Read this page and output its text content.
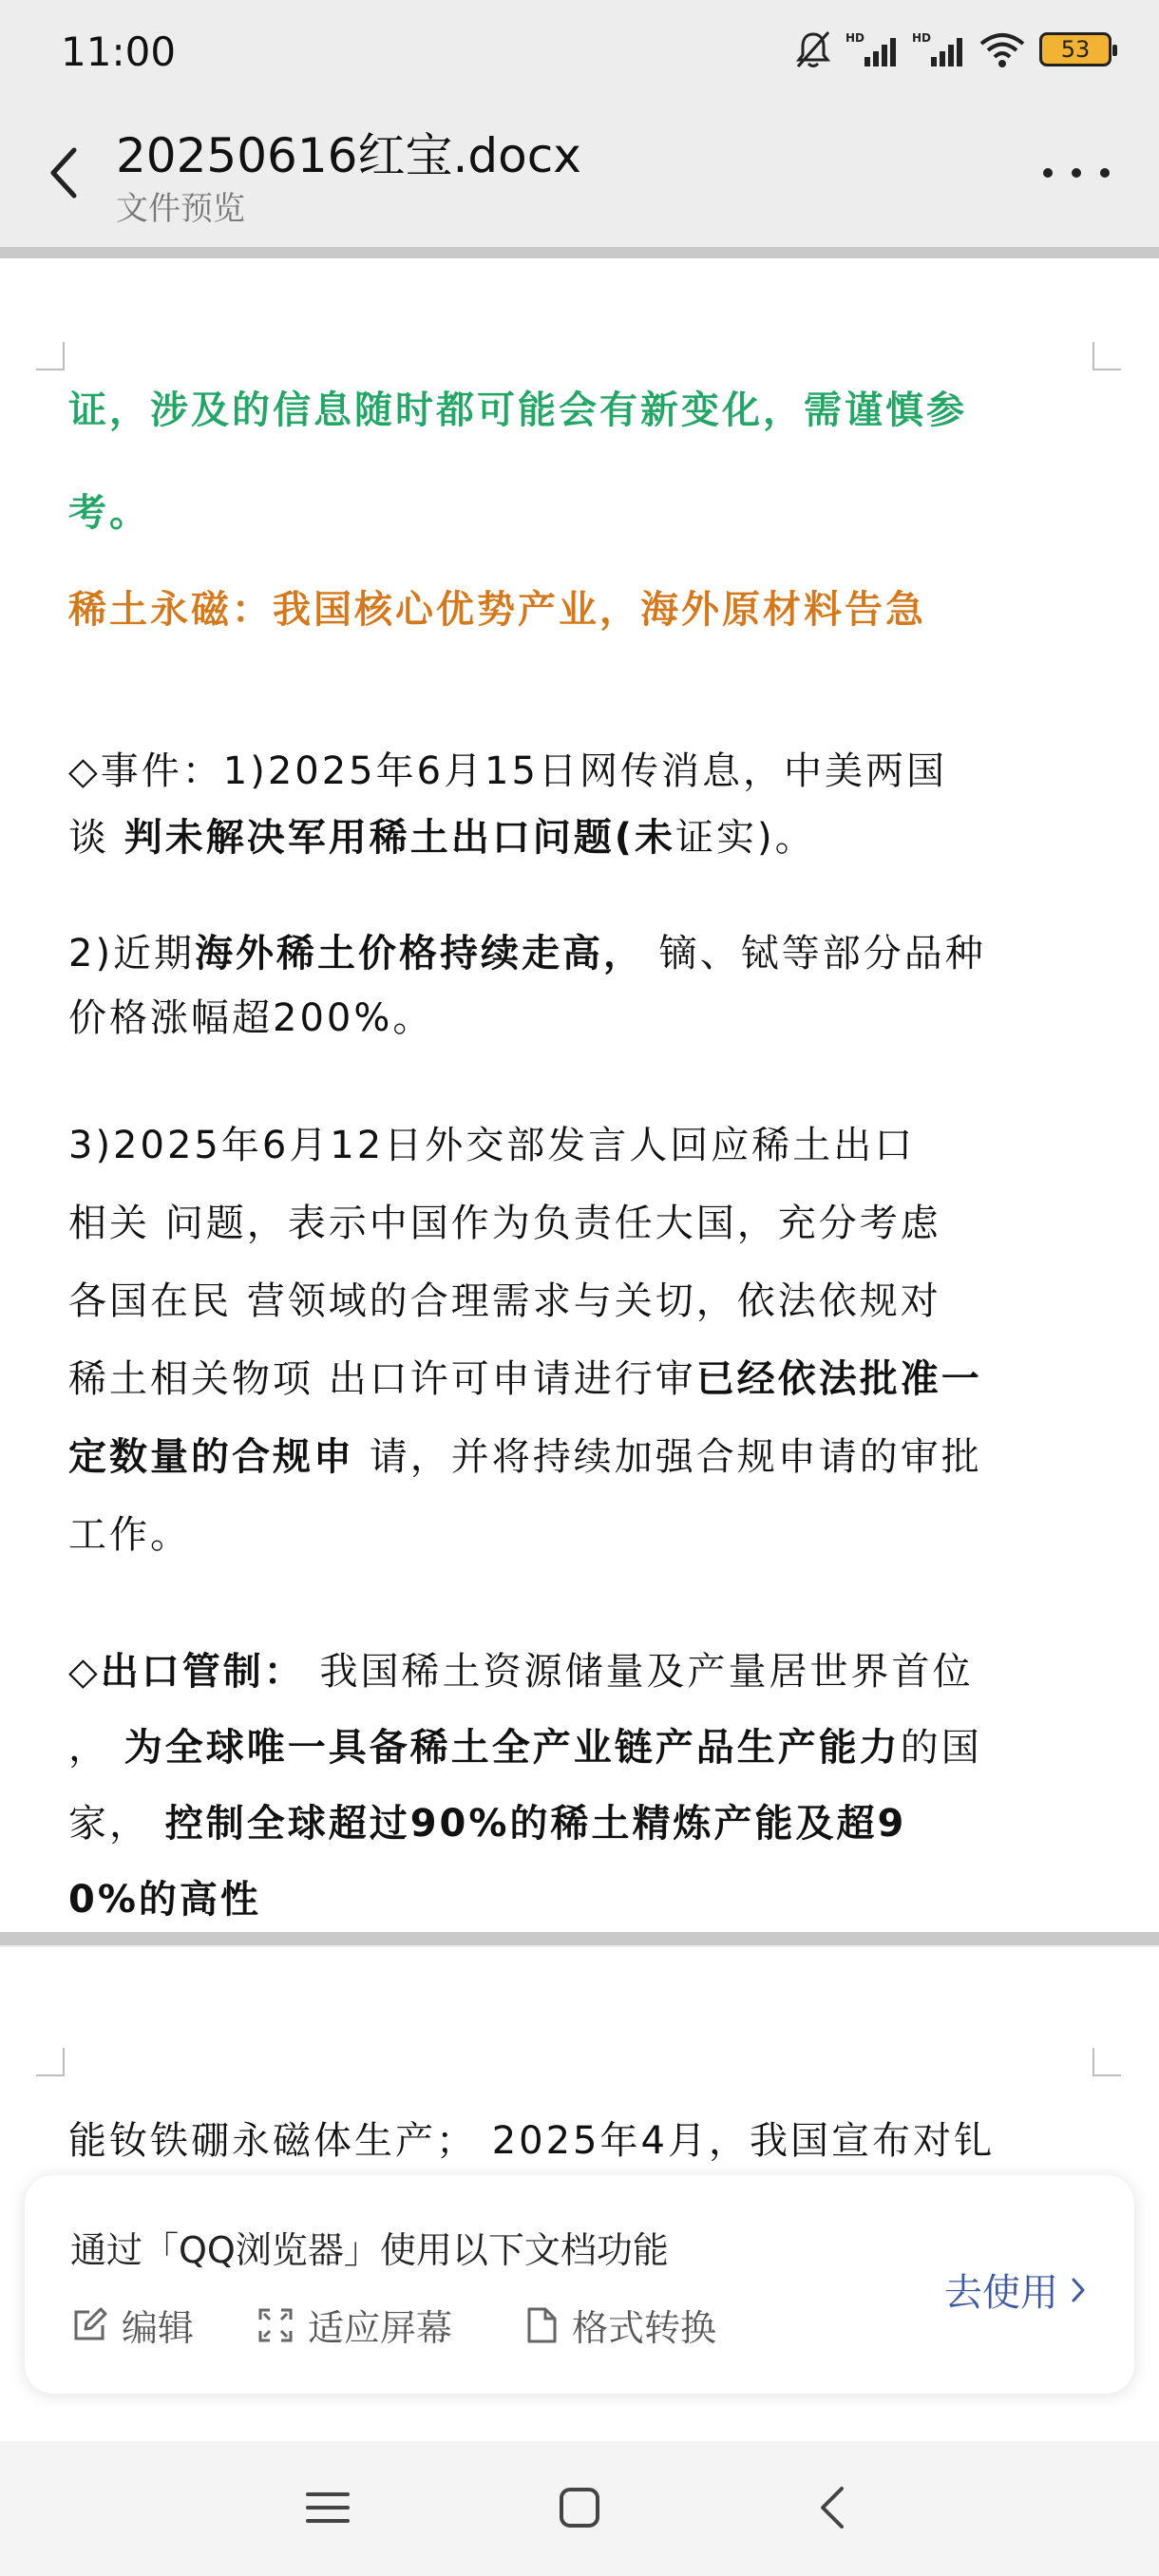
11:00	HD	HD	53
20250616红宝.docx
文件预览
证，涉及的信息随时都可能会有新变化，需谨慎参
考。
稀土永磁：我国核心优势产业，海外原材料告急
◇事件：1)2025年6月15日网传消息，中美两国
谈 判未解决军用稀土出口问题(未证实)。
2)近期海外稀土价格持续走高， 镝、铽等部分品种
价格涨幅超200%。
3)2025年6月12日外交部发言人回应稀土出口
相关 问题，表示中国作为负责任大国，充分考虑
各国在民 营领域的合理需求与关切，依法依规对
稀土相关物项 出口许可申请进行审已经依法批准一
定数量的合规申 请，并将持续加强合规申请的审批
工作。
◇出口管制： 我国稀土资源储量及产量居世界首位
， 为全球唯一具备稀土全产业链产品生产能力的国
家， 控制全球超过90%的稀土精炼产能及超9
0%的高性
能钕铁硼永磁体生产； 2025年4月，我国宣布对钆
通过「QQ浏览器」使用以下文档功能
编辑	适应屏幕	格式转换
去使用
